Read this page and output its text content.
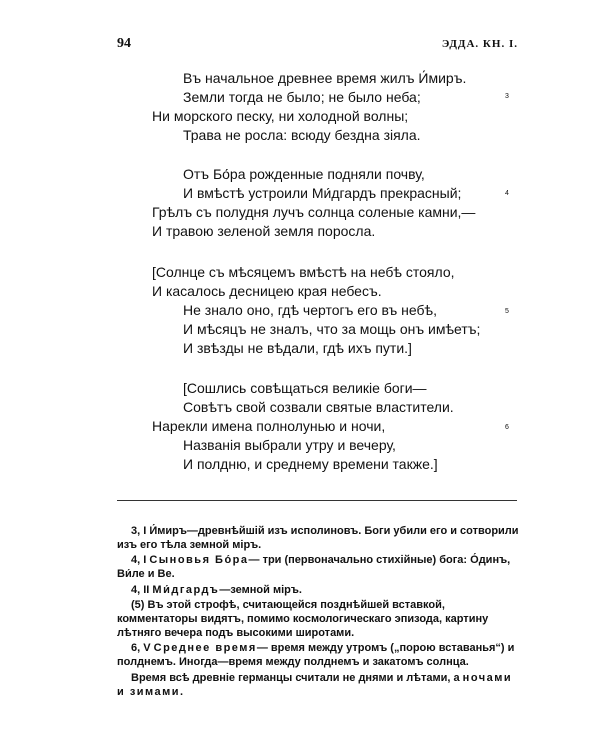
94	ЭДДА. КН. I.
Въ начальное древнее время жилъ И́миръ.
Земли тогда не было; не было неба;
Ни морского песку, ни холодной волны;
Трава не росла: всюду бездна зіяла.
3
Отъ Бо́ра рожденные подняли почву,
И вмѣстѣ устроили Ми́дгардъ прекрасный;
Грѣлъ съ полудня лучъ солнца соленые камни,—
И травою зеленой земля поросла.
4
[Солнце съ мѣсяцемъ вмѣстѣ на небѣ стояло,
И касалось десницею края небесъ.
Не знало оно, гдѣ чертогъ его въ небѣ,
И мѣсяцъ не зналъ, что за мощь онъ имѣетъ;
И звѣзды не вѣдали, гдѣ ихъ пути.]
5
[Сошлись совѣщаться великіе боги—
Совѣтъ свой созвали святые властители.
Нарекли имена полнолунью и ночи,
Названія выбрали утру и вечеру,
И полдню, и среднему времени также.]
6
3, I И́миръ—древнѣйшій изъ исполиновъ. Боги убили его и сотворили изъ его тѣла земной міръ.
4, I Сыновья Бо́ра— три (первоначально стихійные) бога: О́динъ, Ви́ле и Ве.
4, II Ми́дгардъ—земной міръ.
(5) Въ этой строфѣ, считающейся позднѣйшей вставкой, комментаторы видятъ, помимо космологическаго эпизода, картину лѣтняго вечера подъ высокими широтами.
6, V Среднее время— время между утромъ („порою вставанья“) и полднемъ. Иногда—время между полднемъ и закатомъ солнца.
Время всѣ древніе германцы считали не днями и лѣтами, а ночами и зимами.
